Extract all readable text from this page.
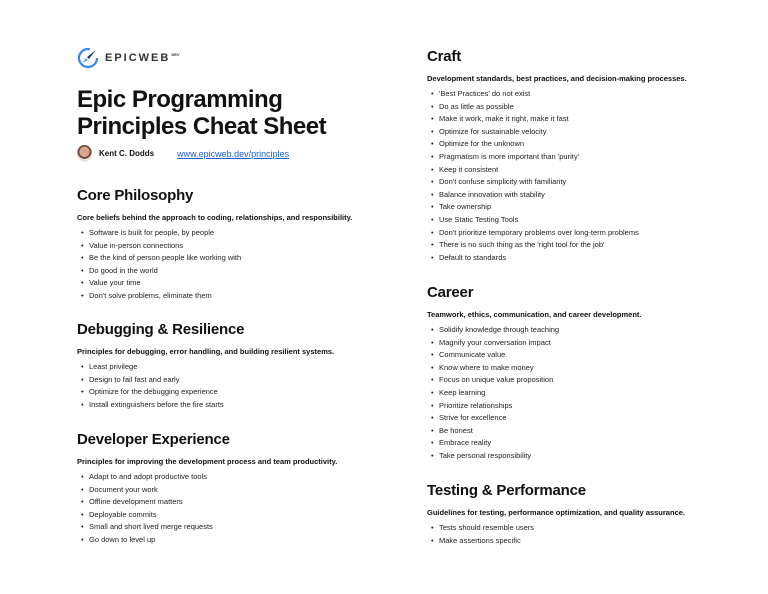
$EPICWEB^{DEV}$
Epic Programming
Principles Cheat Sheet
Kent C. Dodds	www.epicweb.dev/principles
Core Philosophy

Core beliefs behind the approach to coding, relationships, and responsibility.

• Software is built for people, by people
• Value in-person connections
• Be the kind of person people like working with
• Do good in the world
• Value your time
• Don't solve problems, eliminate them
Debugging & Resilience

Principles for debugging, error handling, and building resilient systems.

• Least privilege
• Design to fail fast and early
• Optimize for the debugging experience
• Install extinguishers before the fire starts
Developer Experience

Principles for improving the development process and team productivity.

• Adapt to and adopt productive tools
• Document your work
• Offline development matters
• Deployable commits
• Small and short lived merge requests
• Go down to level up
Craft

Development standards, best practices, and decision-making processes.

• 'Best Practices' do not exist
• Do as little as possible
• Make it work, make it right, make it fast
• Optimize for sustainable velocity
• Optimize for the unknown
• Pragmatism is more important than 'purity'
• Keep it consistent
• Don't confuse simplicity with familiarity
• Balance innovation with stability
• Take ownership
• Use Static Testing Tools
• Don't prioritize temporary problems over long-term problems
• There is no such thing as the 'right tool for the job'
• Default to standards
Career

Teamwork, ethics, communication, and career development.

• Solidify knowledge through teaching
• Magnify your conversation impact
• Communicate value
• Know where to make money
• Focus on unique value proposition
• Keep learning
• Prioritize relationships
• Strive for excellence
• Be honest
• Embrace reality
• Take personal responsibility
Testing & Performance

Guidelines for testing, performance optimization, and quality assurance.

• Tests should resemble users
• Make assertions specific
